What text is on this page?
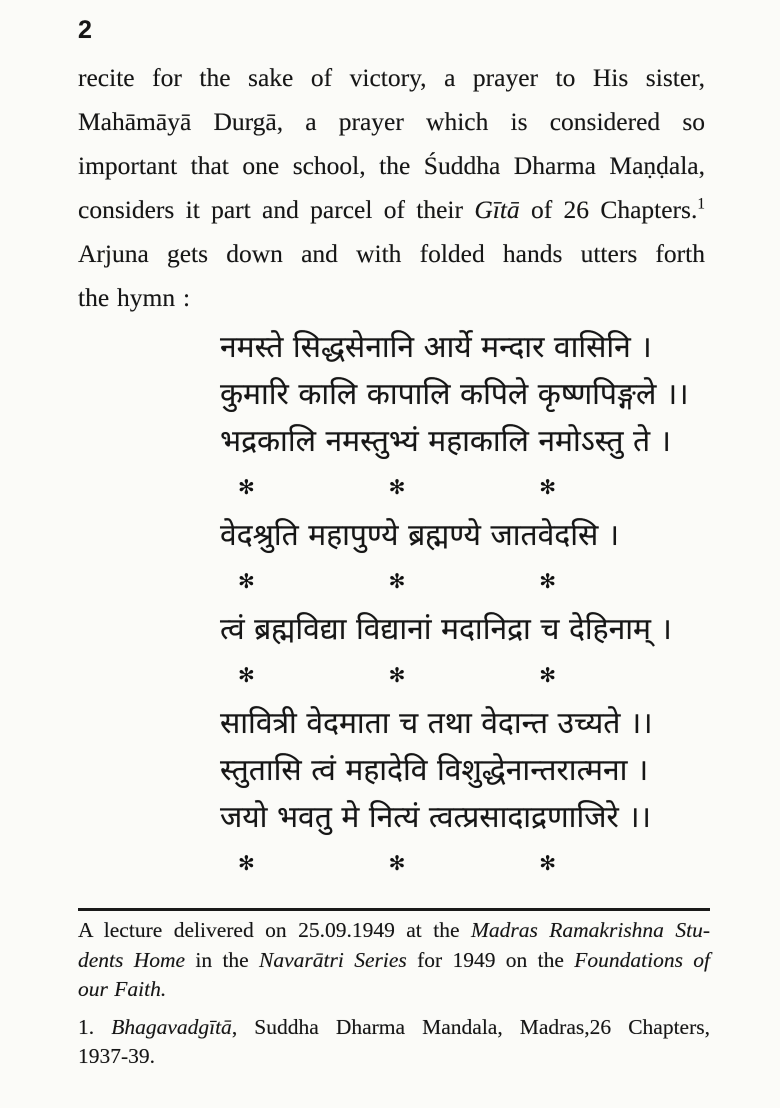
2
recite for the sake of victory, a prayer to His sister,
Mahāmāyā Durgā, a prayer which is considered so
important that one school, the Śuddha Dharma Maṇḍala,
considers it part and parcel of their Gītā of 26 Chapters.$^1$
Arjuna gets down and with folded hands utters forth
the hymn :
नमस्ते सिद्धसेनानि आर्ये मन्दार वासिनि ।
कुमारि कालि कापालि कपिले कृष्णपिङ्गले ।।
भद्रकालि नमस्तुभ्यं महाकालि नमोऽस्तु ते ।
✻	✻	✻
वेदश्रुति महापुण्ये ब्रह्मण्ये जातवेदसि ।
✻	✻	✻
त्वं ब्रह्मविद्या विद्यानां मदानिद्रा च देहिनाम् ।
✻	✻	✻
सावित्री वेदमाता च तथा वेदान्त उच्यते ।।
स्तुतासि त्वं महादेवि विशुद्धेनान्तरात्मना ।
जयो भवतु मे नित्यं त्वत्प्रसादाद्रणाजिरे ।।
✻	✻	✻
A lecture delivered on 25.09.1949 at the Madras Ramakrishna Stu-
dents Home in the Navarātri Series for 1949 on the Foundations of
our Faith.
1. Bhagavadgītā, Suddha Dharma Mandala, Madras,26 Chapters,
1937-39.
